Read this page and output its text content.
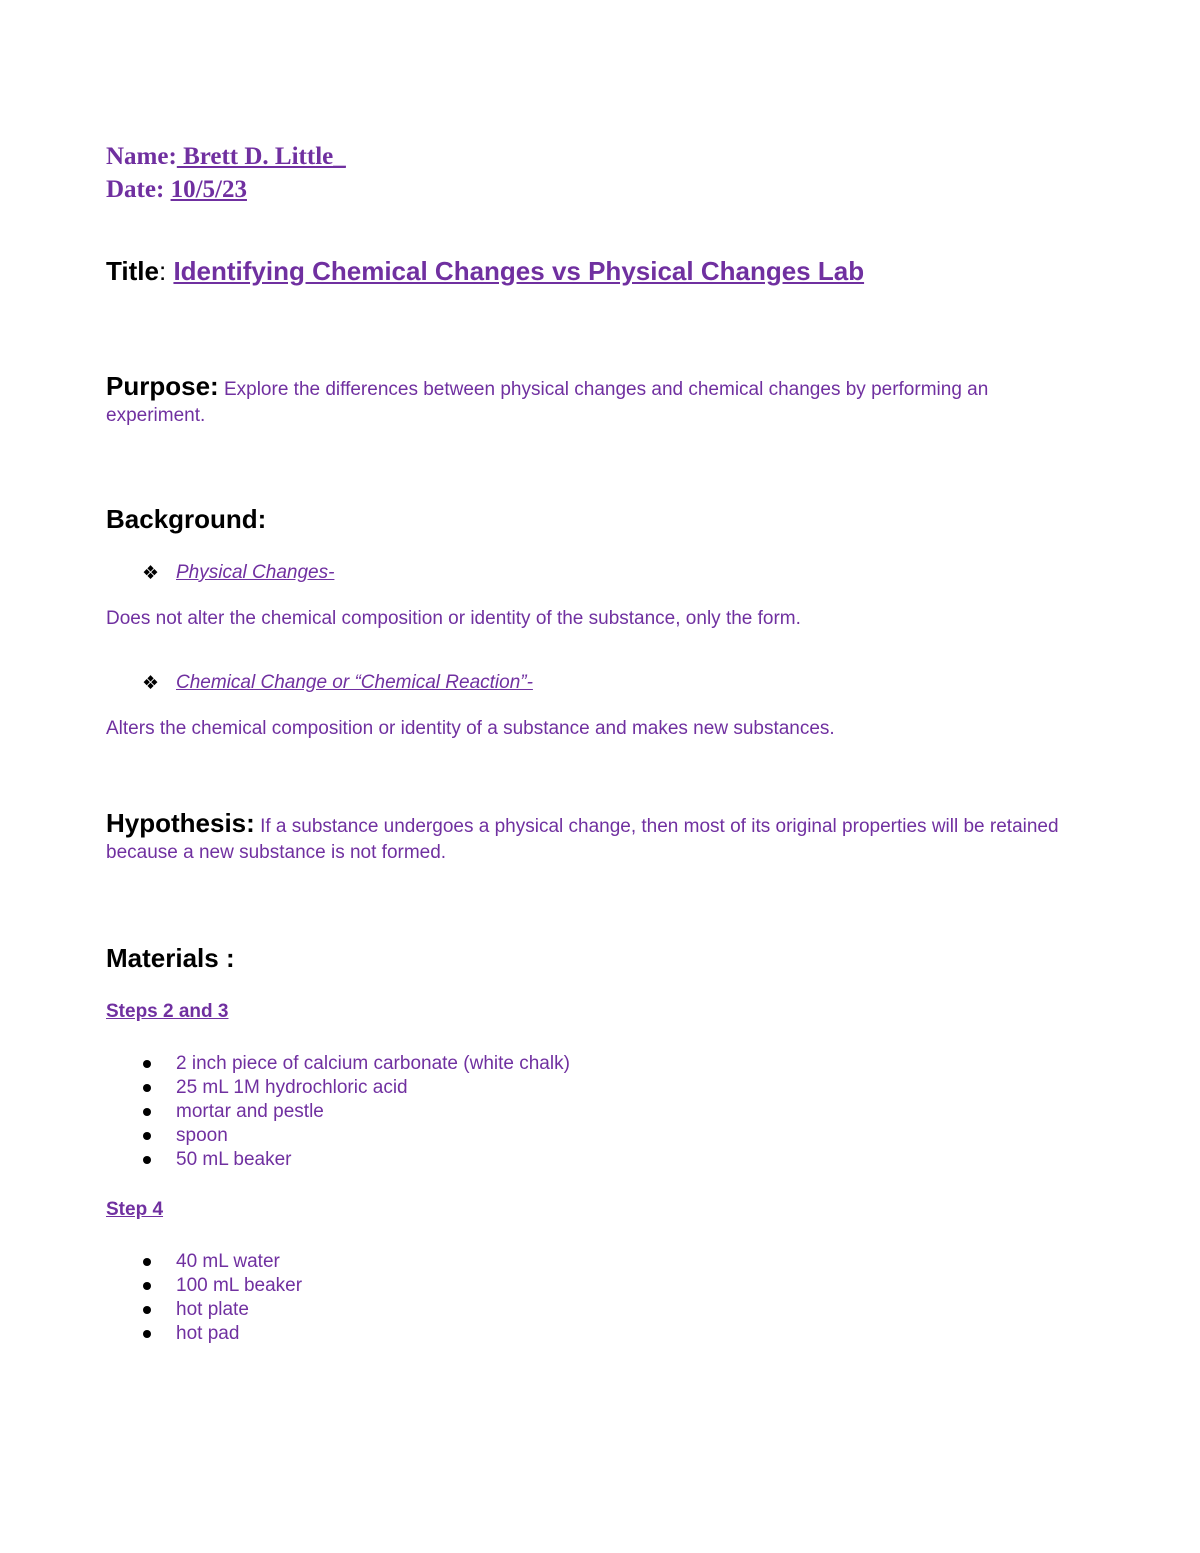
Name: Brett D. Little_
Date: 10/5/23
Title: Identifying Chemical Changes vs Physical Changes Lab
Purpose: Explore the differences between physical changes and chemical changes by performing an experiment.
Background:
❖ Physical Changes-
Does not alter the chemical composition or identity of the substance, only the form.
❖ Chemical Change or “Chemical Reaction”-
Alters the chemical composition or identity of a substance and makes new substances.
Hypothesis: If a substance undergoes a physical change, then most of its original properties will be retained because a new substance is not formed.
Materials :
Steps 2 and 3
2 inch piece of calcium carbonate (white chalk)
25 mL 1M hydrochloric acid
mortar and pestle
spoon
50 mL beaker
Step 4
40 mL water
100 mL beaker
hot plate
hot pad
